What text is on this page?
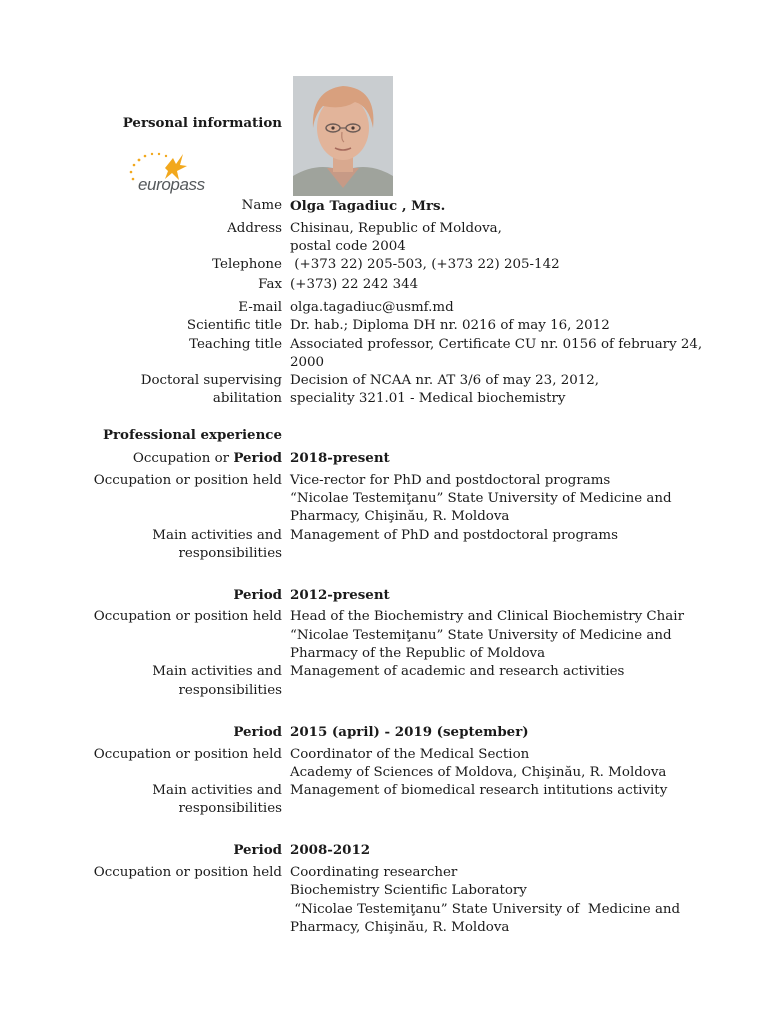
Personal information
europass
Name Olga Tagadiuc , Mrs.
Address Chisinau, Republic of Moldova,
postal code 2004
Telephone (+373 22) 205-503, (+373 22) 205-142
Fax (+373) 22 242 344
E-mail olga.tagadiuc@usmf.md
Scientific title Dr. hab.; Diploma DH nr. 0216 of may 16, 2012
Teaching title Associated professor, Certificate CU nr. 0156 of february 24,
2000
Doctoral supervising
abilitation
Decision of NCAA nr. AT 3/6 of may 23, 2012,
speciality 321.01 - Medical biochemistry
Professional experience
Occupation or Period 2018-present
Occupation or position held Vice-rector for PhD and postdoctoral programs
“Nicolae Testemiţanu” State University of Medicine and
Pharmacy, Chişinău, R. Moldova
Main activities and
responsibilities
Management of PhD and postdoctoral programs
Period 2012-present
Occupation or position held Head of the Biochemistry and Clinical Biochemistry Chair
“Nicolae Testemiţanu” State University of Medicine and
Pharmacy of the Republic of Moldova
Main activities and
responsibilities
Management of academic and research activities
Period 2015 (april) - 2019 (september)
Occupation or position held Coordinator of the Medical Section
Academy of Sciences of Moldova, Chişinău, R. Moldova
Main activities and
responsibilities
Management of biomedical research intitutions activity
Period 2008-2012
Occupation or position held Coordinating researcher
Biochemistry Scientific Laboratory
“Nicolae Testemiţanu” State University of  Medicine and
Pharmacy, Chişinău, R. Moldova
